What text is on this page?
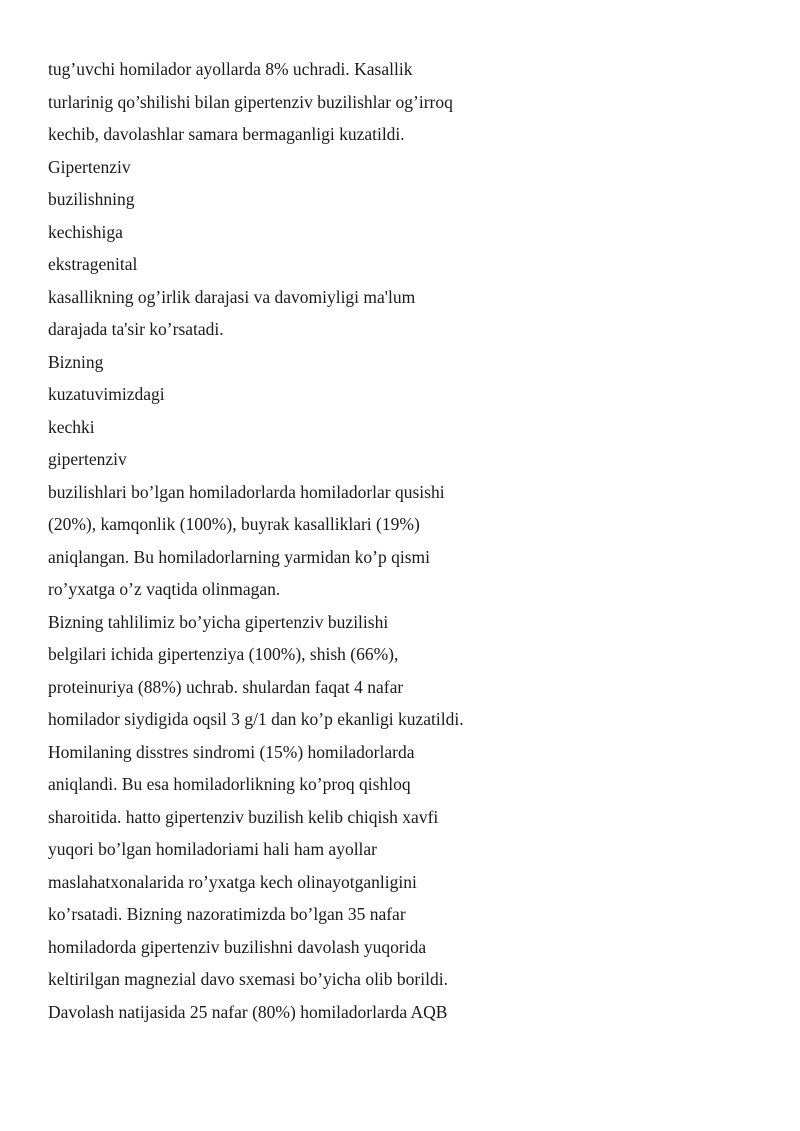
tug’uvchi homilador ayollarda 8% uchradi. Kasallik
turlarinig qo’shilishi bilan gipertenziv buzilishlar og’irroq
kechib, davolashlar samara bermaganligi kuzatildi.
Gipertenziv
buzilishning
kechishiga
ekstragenital
kasallikning og’irlik darajasi va davomiyligi ma'lum
darajada ta'sir ko’rsatadi.
Bizning
kuzatuvimizdagi
kechki
gipertenziv
buzilishlari bo’lgan homiladorlarda homiladorlar qusishi
(20%), kamqonlik (100%), buyrak kasalliklari (19%)
aniqlangan. Bu homiladorlarning yarmidan ko’p qismi
ro’yxatga o’z vaqtida olinmagan.
Bizning tahlilimiz bo’yicha gipertenziv buzilishi
belgilari ichida gipertenziya (100%), shish (66%),
proteinuriya (88%) uchrab. shulardan faqat 4 nafar
homilador siydigida oqsil 3 g/1 dan ko’p ekanligi kuzatildi.
Homilaning disstres sindromi (15%) homiladorlarda
aniqlandi. Bu esa homiladorlikning ko’proq qishloq
sharoitida. hatto gipertenziv buzilish kelib chiqish xavfi
yuqori bo’lgan homiladoriami hali ham ayollar
maslahatxonalarida ro’yxatga kech olinayotganligini
ko’rsatadi. Bizning nazoratimizda bo’lgan 35 nafar
homiladorda gipertenziv buzilishni davolash yuqorida
keltirilgan magnezial davo sxemasi bo’yicha olib borildi.
Davolash natijasida 25 nafar (80%) homiladorlarda AQB
